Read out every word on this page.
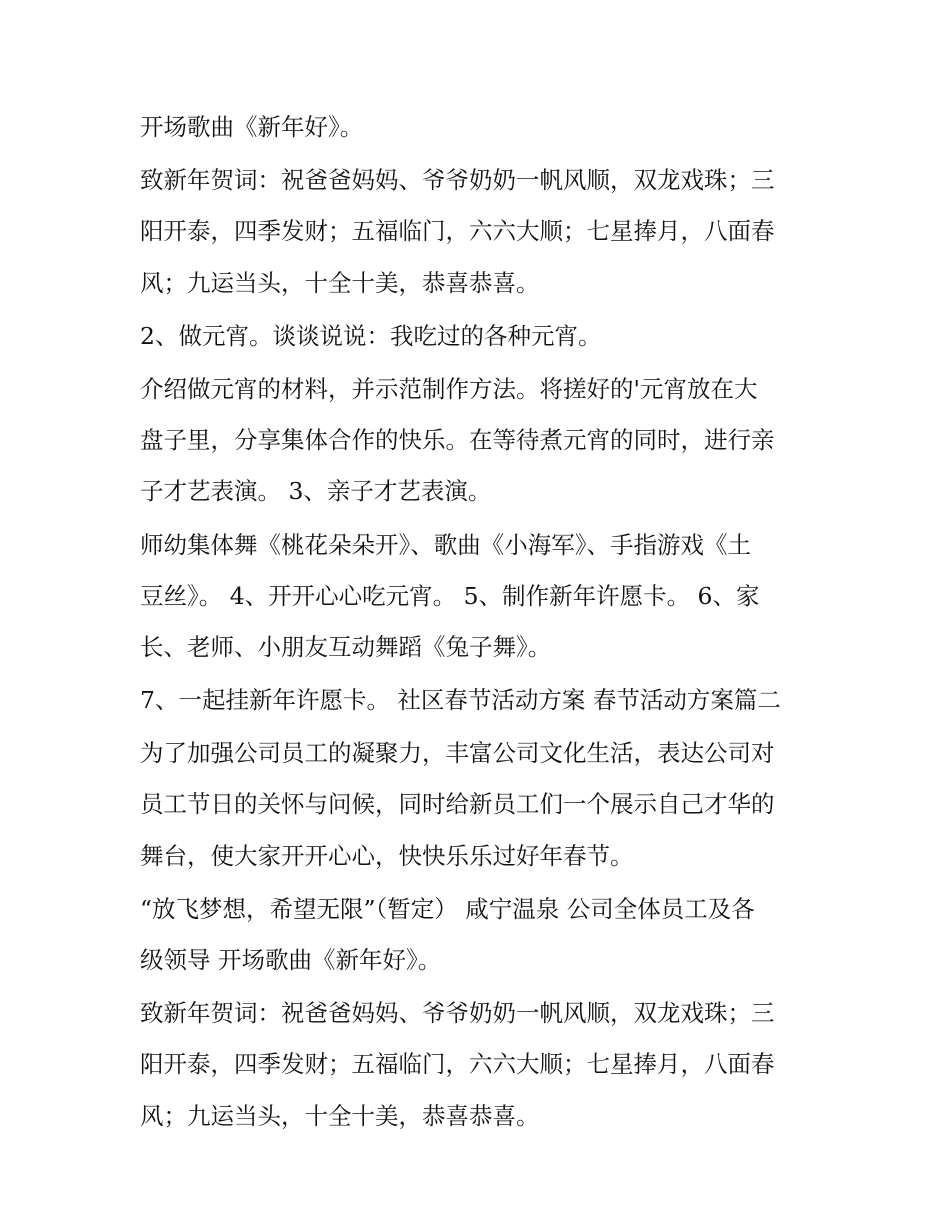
开场歌曲《新年好》。

致新年贺词：祝爸爸妈妈、爷爷奶奶一帆风顺，双龙戏珠；三
阳开泰，四季发财；五福临门，六六大顺；七星捧月，八面春
风；九运当头，十全十美，恭喜恭喜。

2、做元宵。谈谈说说：我吃过的各种元宵。

介绍做元宵的材料，并示范制作方法。将搓好的'元宵放在大
盘子里，分享集体合作的快乐。在等待煮元宵的同时，进行亲
子才艺表演。 3、亲子才艺表演。

师幼集体舞《桃花朵朵开》、歌曲《小海军》、手指游戏《土
豆丝》。 4、开开心心吃元宵。 5、制作新年许愿卡。 6、家
长、老师、小朋友互动舞蹈《兔子舞》。

7、一起挂新年许愿卡。 社区春节活动方案 春节活动方案篇二

为了加强公司员工的凝聚力，丰富公司文化生活，表达公司对
员工节日的关怀与问候，同时给新员工们一个展示自己才华的
舞台，使大家开开心心，快快乐乐过好年春节。

“放飞梦想，希望无限”（暂定） 咸宁温泉 公司全体员工及各
级领导 开场歌曲《新年好》。

致新年贺词：祝爸爸妈妈、爷爷奶奶一帆风顺，双龙戏珠；三
阳开泰，四季发财；五福临门，六六大顺；七星捧月，八面春
风；九运当头，十全十美，恭喜恭喜。
